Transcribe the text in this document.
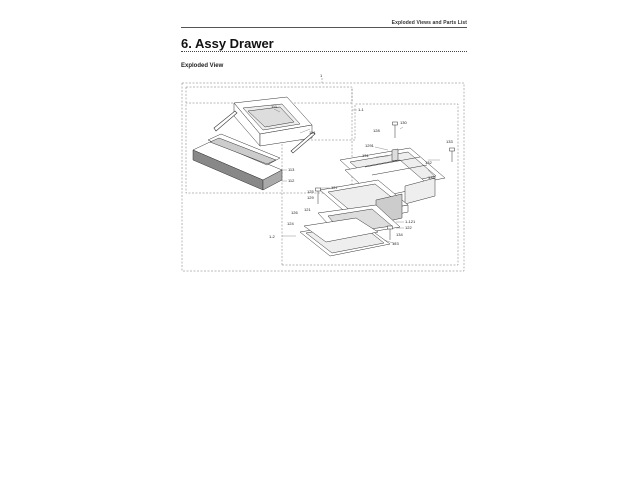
Exploded Views and Parts List
6. Assy Drawer
Exploded View
1
1-1
111
114
113
112
130
128
133
1291
131
132
135
127
125
129
126
121
124
1-2
1-121
122
134
123
